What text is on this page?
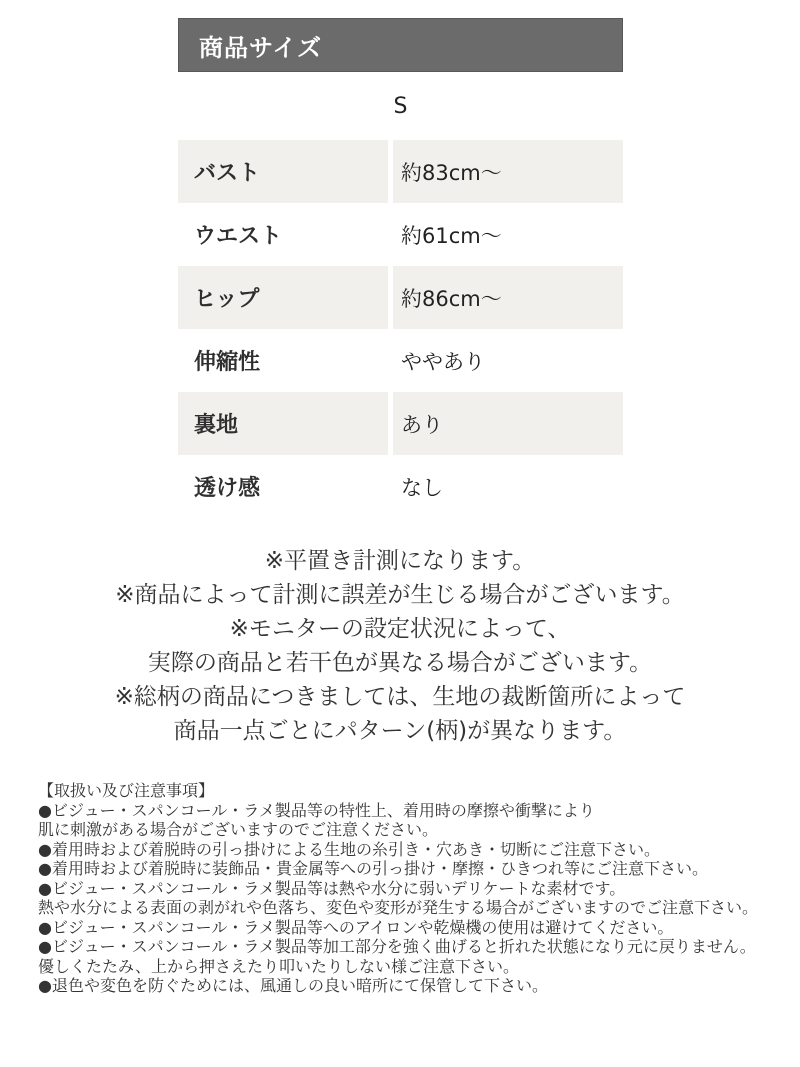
商品サイズ
S
バスト	約83cm〜
ウエスト	約61cm〜
ヒップ	約86cm〜
伸縮性	ややあり
裏地	あり
透け感	なし
※平置き計測になります。
※商品によって計測に誤差が生じる場合がございます。
※モニターの設定状況によって、
実際の商品と若干色が異なる場合がございます。
※総柄の商品につきましては、生地の裁断箇所によって
商品一点ごとにパターン(柄)が異なります。
【取扱い及び注意事項】
●ビジュー・スパンコール・ラメ製品等の特性上、着用時の摩擦や衝撃により
肌に刺激がある場合がございますのでご注意ください。
●着用時および着脱時の引っ掛けによる生地の糸引き・穴あき・切断にご注意下さい。
●着用時および着脱時に装飾品・貴金属等への引っ掛け・摩擦・ひきつれ等にご注意下さい。
●ビジュー・スパンコール・ラメ製品等は熱や水分に弱いデリケートな素材です。
熱や水分による表面の剥がれや色落ち、変色や変形が発生する場合がございますのでご注意下さい。
●ビジュー・スパンコール・ラメ製品等へのアイロンや乾燥機の使用は避けてください。
●ビジュー・スパンコール・ラメ製品等加工部分を強く曲げると折れた状態になり元に戻りません。
優しくたたみ、上から押さえたり叩いたりしない様ご注意下さい。
●退色や変色を防ぐためには、風通しの良い暗所にて保管して下さい。
